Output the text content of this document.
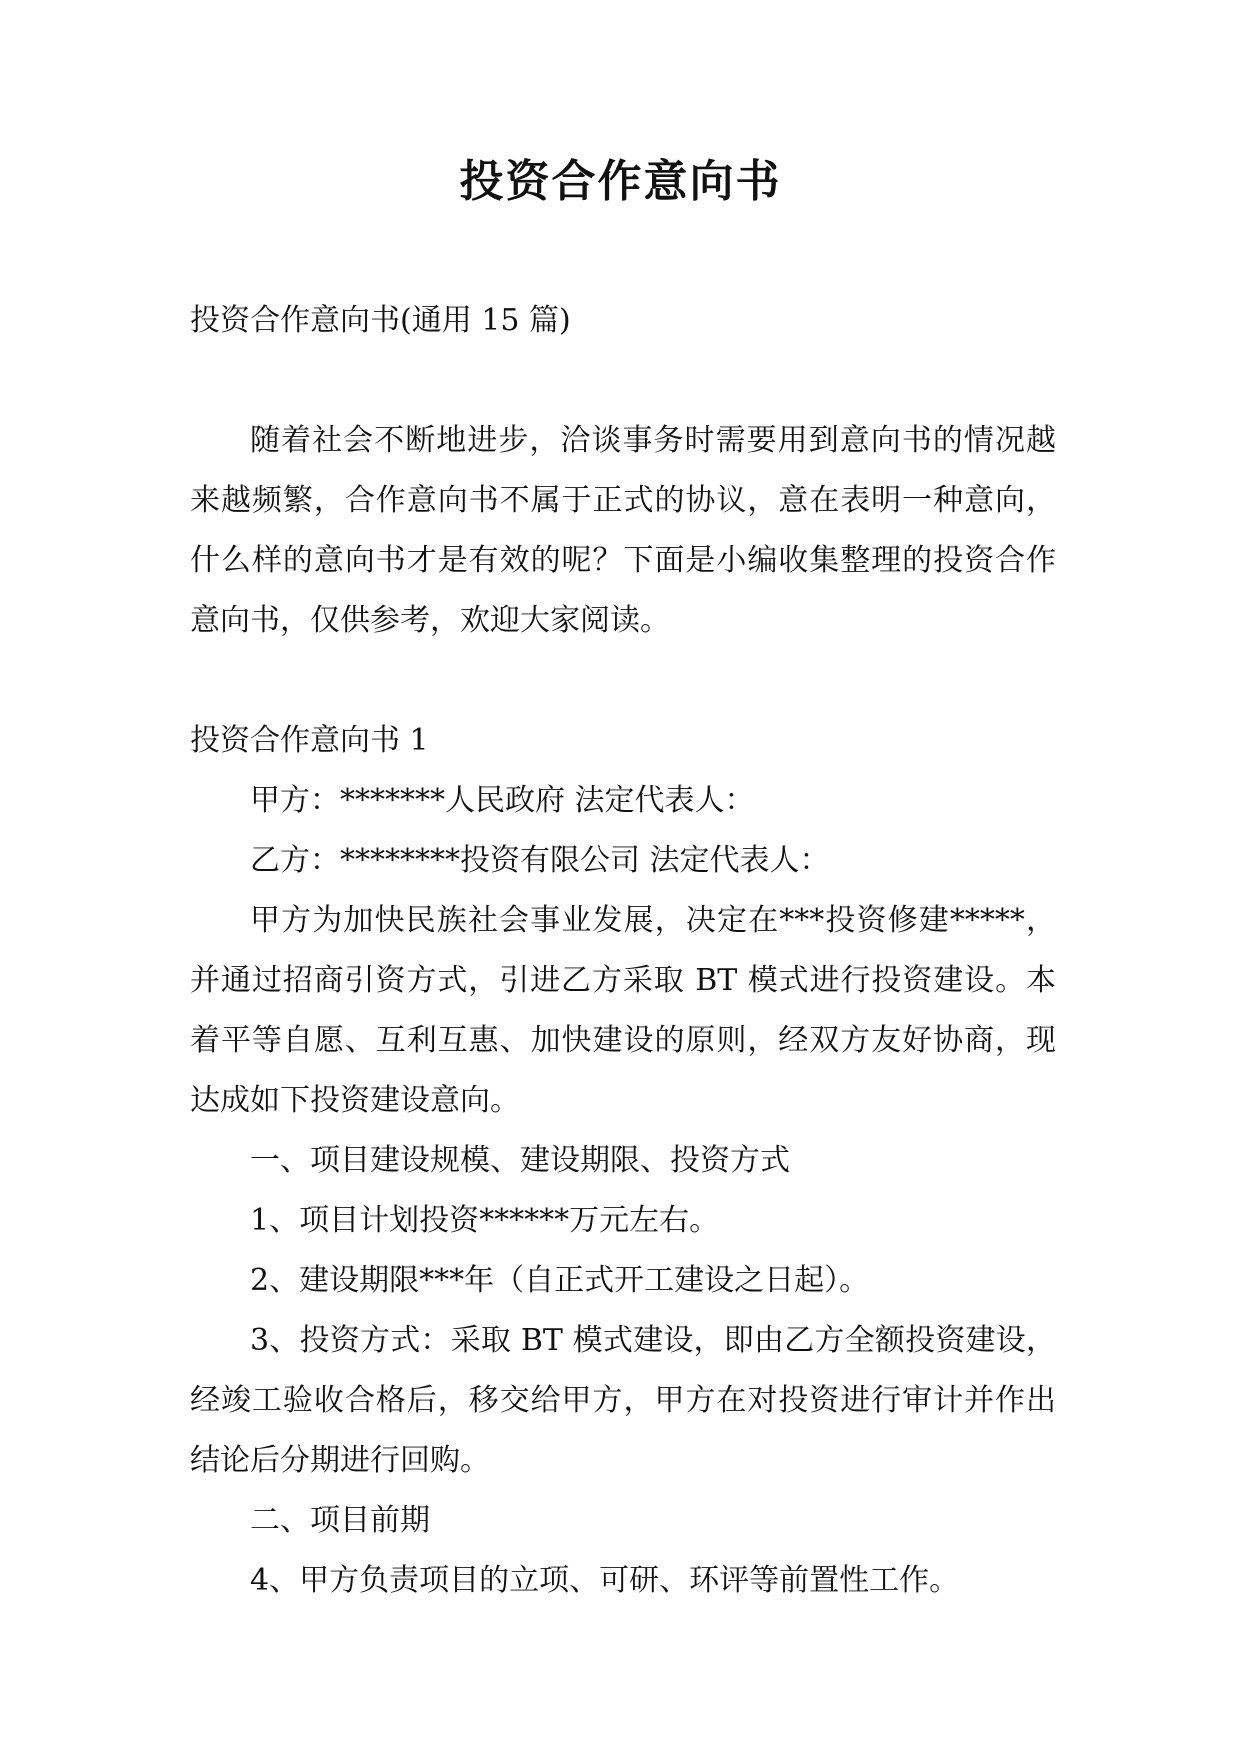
投资合作意向书

投资合作意向书(通用 15 篇)

随着社会不断地进步，洽谈事务时需要用到意向书的情况越来越频繁，合作意向书不属于正式的协议，意在表明一种意向，什么样的意向书才是有效的呢？下面是小编收集整理的投资合作意向书，仅供参考，欢迎大家阅读。

投资合作意向书 1

甲方：*******人民政府 法定代表人：

乙方：********投资有限公司 法定代表人：

甲方为加快民族社会事业发展，决定在***投资修建*****，并通过招商引资方式，引进乙方采取 BT 模式进行投资建设。本着平等自愿、互利互惠、加快建设的原则，经双方友好协商，现达成如下投资建设意向。

一、项目建设规模、建设期限、投资方式

1、项目计划投资******万元左右。

2、建设期限***年（自正式开工建设之日起）。

3、投资方式：采取 BT 模式建设，即由乙方全额投资建设，经竣工验收合格后，移交给甲方，甲方在对投资进行审计并作出结论后分期进行回购。

二、项目前期

4、甲方负责项目的立项、可研、环评等前置性工作。
